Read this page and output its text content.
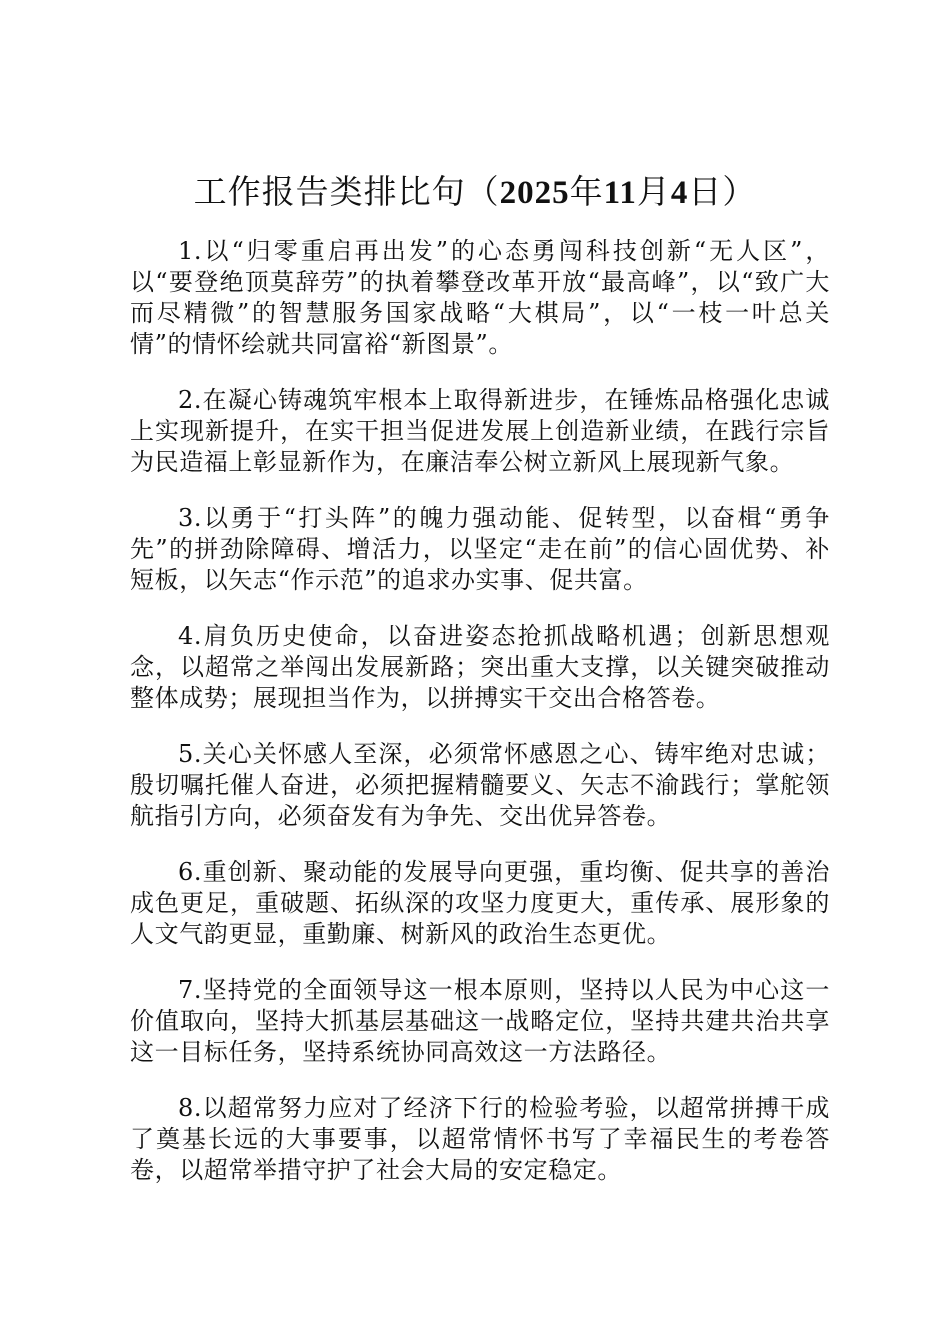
工作报告类排比句（2025年11月4日）

1.以“归零重启再出发”的心态勇闯科技创新“无人区”，以“要登绝顶莫辞劳”的执着攀登改革开放“最高峰”，以“致广大而尽精微”的智慧服务国家战略“大棋局”，以“一枝一叶总关情”的情怀绘就共同富裕“新图景”。

2.在凝心铸魂筑牢根本上取得新进步，在锤炼品格强化忠诚上实现新提升，在实干担当促进发展上创造新业绩，在践行宗旨为民造福上彰显新作为，在廉洁奉公树立新风上展现新气象。

3.以勇于“打头阵”的魄力强动能、促转型，以奋楫“勇争先”的拼劲除障碍、增活力，以坚定“走在前”的信心固优势、补短板，以矢志“作示范”的追求办实事、促共富。

4.肩负历史使命，以奋进姿态抢抓战略机遇；创新思想观念，以超常之举闯出发展新路；突出重大支撑，以关键突破推动整体成势；展现担当作为，以拼搏实干交出合格答卷。

5.关心关怀感人至深，必须常怀感恩之心、铸牢绝对忠诚；殷切嘱托催人奋进，必须把握精髓要义、矢志不渝践行；掌舵领航指引方向，必须奋发有为争先、交出优异答卷。

6.重创新、聚动能的发展导向更强，重均衡、促共享的善治成色更足，重破题、拓纵深的攻坚力度更大，重传承、展形象的人文气韵更显，重勤廉、树新风的政治生态更优。

7.坚持党的全面领导这一根本原则，坚持以人民为中心这一价值取向，坚持大抓基层基础这一战略定位，坚持共建共治共享这一目标任务，坚持系统协同高效这一方法路径。

8.以超常努力应对了经济下行的检验考验，以超常拼搏干成了奠基长远的大事要事，以超常情怀书写了幸福民生的考卷答卷，以超常举措守护了社会大局的安定稳定。
